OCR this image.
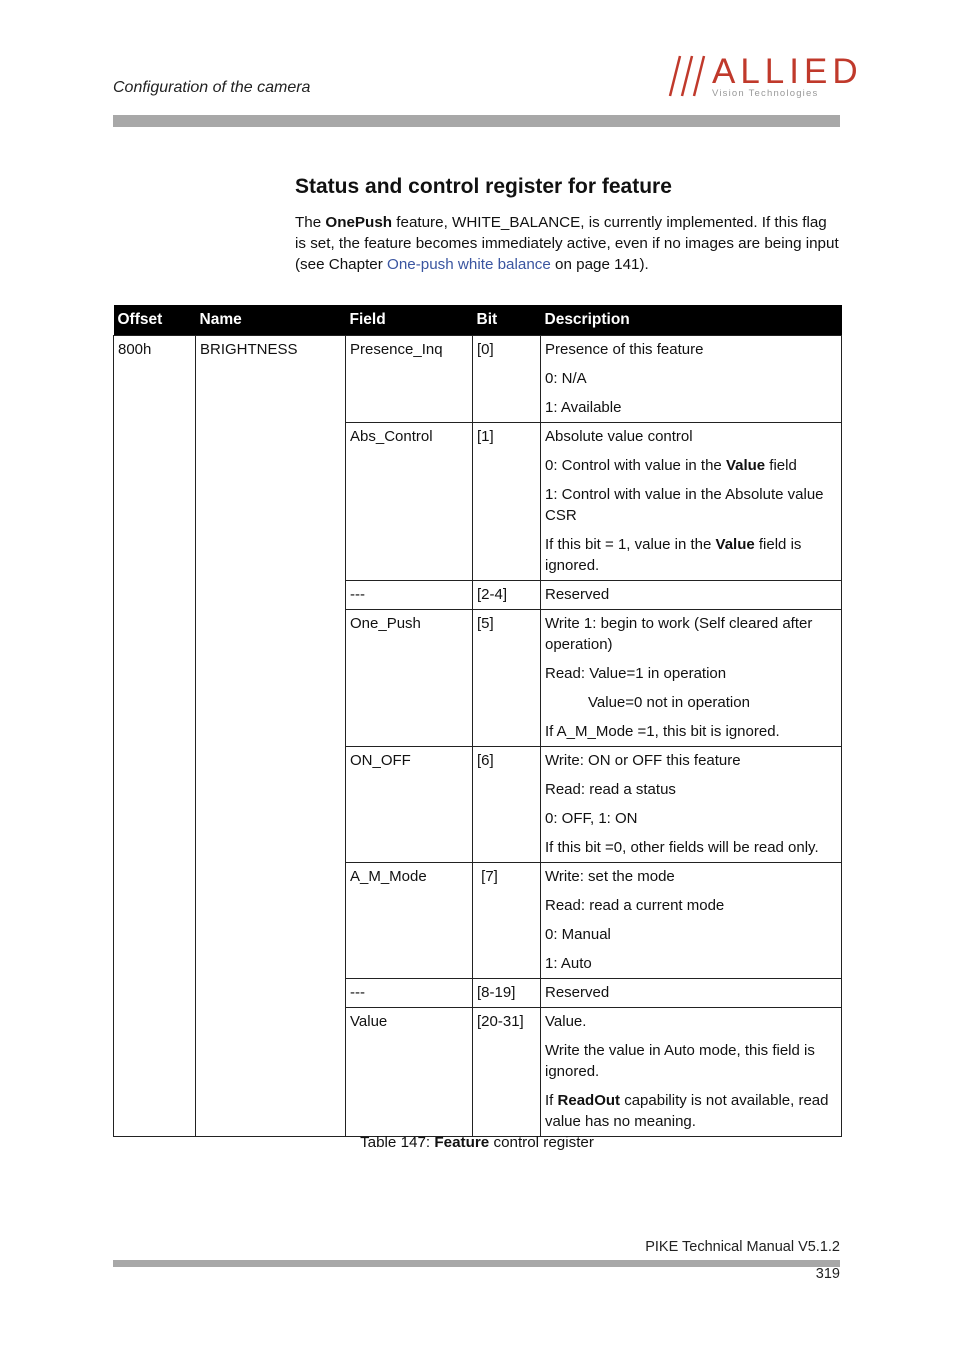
Configuration of the camera	ALLIED
Vision Technologies
Status and control register for feature
The OnePush feature, WHITE_BALANCE, is currently implemented. If this flag is set, the feature becomes immediately active, even if no images are being input (see Chapter One-push white balance on page 141).
Offset	Name	Field	Bit	Description
800h	BRIGHTNESS	Presence_Inq	[0]	Presence of this feature

0: N/A

1: Available

		Abs_Control	[1]	Absolute value control

0: Control with value in the Value field

1: Control with value in the Absolute value CSR

If this bit = 1, value in the Value field is ignored.

		---	[2-4]	Reserved

		One_Push	[5]	Write 1: begin to work (Self cleared after operation)

Read: Value=1 in operation

Value=0 not in operation

If A_M_Mode =1, this bit is ignored.

		ON_OFF	[6]	Write: ON or OFF this feature

Read: read a status

0: OFF, 1: ON

If this bit =0, other fields will be read only.

		A_M_Mode	[7]	Write: set the mode

Read: read a current mode

0: Manual

1: Auto

		---	[8-19]	Reserved

		Value	[20-31]	Value.

Write the value in Auto mode, this field is ignored.

If ReadOut capability is not available, read value has no meaning.

Table 147: Feature control register
PIKE Technical Manual V5.1.2
319
